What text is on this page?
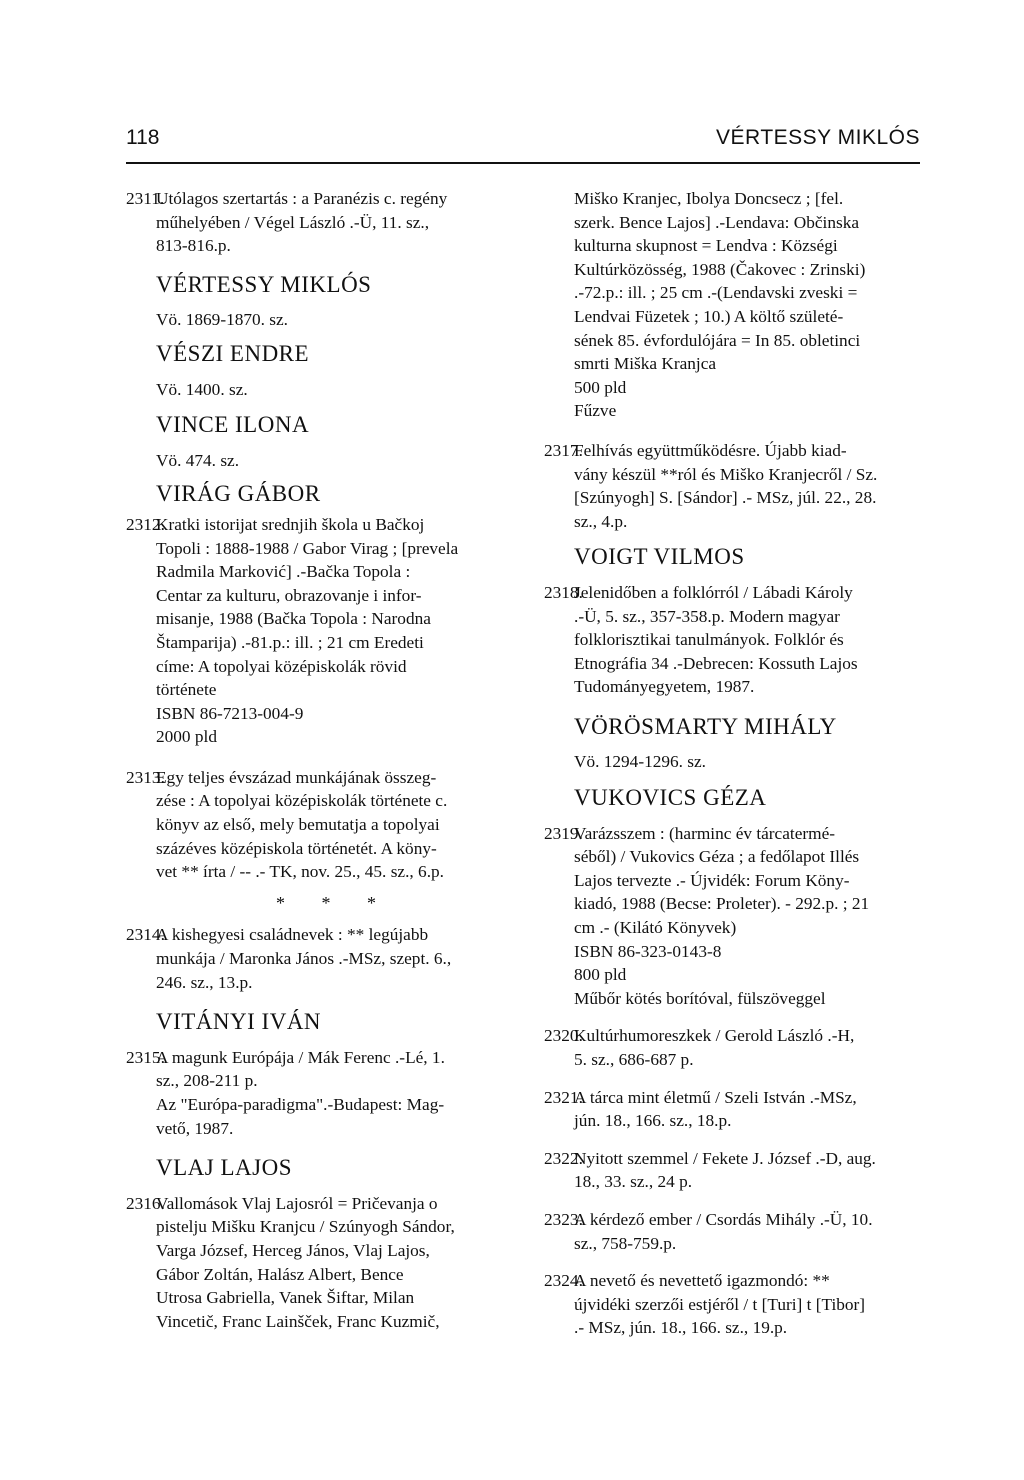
118	VÉRTESSY MIKLÓS
2311.
Utólagos szertartás : a Paranézis c. regény
műhelyében / Végel László .-Ü, 11. sz.,
813-816.p.
VÉRTESSY MIKLÓS
Vö. 1869-1870. sz.
VÉSZI ENDRE
Vö. 1400. sz.
VINCE ILONA
Vö. 474. sz.
VIRÁG GÁBOR
2312.
Kratki istorijat srednjih škola u Bačkoj
Topoli : 1888-1988 / Gabor Virag ; [prevela
Radmila Marković] .-Bačka Topola :
Centar za kulturu, obrazovanje i infor-
misanje, 1988 (Bačka Topola : Narodna
Štamparija) .-81.p.: ill. ; 21 cm Eredeti
címe: A topolyai középiskolák rövid
története
ISBN 86-7213-004-9
2000 pld
2313.
Egy teljes évszázad munkájának összeg-
zése : A topolyai középiskolák története c.
könyv az első, mely bemutatja a topolyai
százéves középiskola történetét. A köny-
vet ** írta / -- .- TK, nov. 25., 45. sz., 6.p.
* * *
2314.
A kishegyesi családnevek : ** legújabb
munkája / Maronka János .-MSz, szept. 6.,
246. sz., 13.p.
VITÁNYI IVÁN
2315.
A magunk Európája / Mák Ferenc .-Lé, 1.
sz., 208-211 p.
Az "Európa-paradigma".-Budapest: Mag-
vető, 1987.
VLAJ LAJOS
2316.
Vallomások Vlaj Lajosról = Pričevanja o
pistelju Mišku Kranjcu / Szúnyogh Sándor,
Varga József, Herceg János, Vlaj Lajos,
Gábor Zoltán, Halász Albert, Bence
Utrosa Gabriella, Vanek Šiftar, Milan
Vincetič, Franc Lainšček, Franc Kuzmič,
Miško Kranjec, Ibolya Doncsecz ; [fel.
szerk. Bence Lajos] .-Lendava: Občinska
kulturna skupnost = Lendva : Községi
Kultúrközösség, 1988 (Čakovec : Zrinski)
.-72.p.: ill. ; 25 cm .-(Lendavski zveski =
Lendvai Füzetek ; 10.) A költő születé-
sének 85. évfordulójára = In 85. obletinci
smrti Miška Kranjca
500 pld
Fűzve
2317.
Felhívás együttműködésre. Újabb kiad-
vány készül **ról és Miško Kranjecről / Sz.
[Szúnyogh] S. [Sándor] .- MSz, júl. 22., 28.
sz., 4.p.
VOIGT VILMOS
2318.
Jelenidőben a folklórról / Lábadi Károly
.-Ü, 5. sz., 357-358.p. Modern magyar
folklorisztikai tanulmányok. Folklór és
Etnográfia 34 .-Debrecen: Kossuth Lajos
Tudományegyetem, 1987.
VÖRÖSMARTY MIHÁLY
Vö. 1294-1296. sz.
VUKOVICS GÉZA
2319.
Varázsszem : (harminc év tárcatermé-
séből) / Vukovics Géza ; a fedőlapot Illés
Lajos tervezte .- Újvidék: Forum Köny-
kiadó, 1988 (Becse: Proleter). - 292.p. ; 21
cm .- (Kilátó Könyvek)
ISBN 86-323-0143-8
800 pld
Műbőr kötés borítóval, fülszöveggel
2320.
Kultúrhumoreszkek / Gerold László .-H,
5. sz., 686-687 p.
2321.
A tárca mint életmű / Szeli István .-MSz,
jún. 18., 166. sz., 18.p.
2322.
Nyitott szemmel / Fekete J. József .-D, aug.
18., 33. sz., 24 p.
2323.
A kérdező ember / Csordás Mihály .-Ü, 10.
sz., 758-759.p.
2324.
A nevető és nevettető igazmondó: **
újvidéki szerzői estjéről / t [Turi] t [Tibor]
.- MSz, jún. 18., 166. sz., 19.p.
